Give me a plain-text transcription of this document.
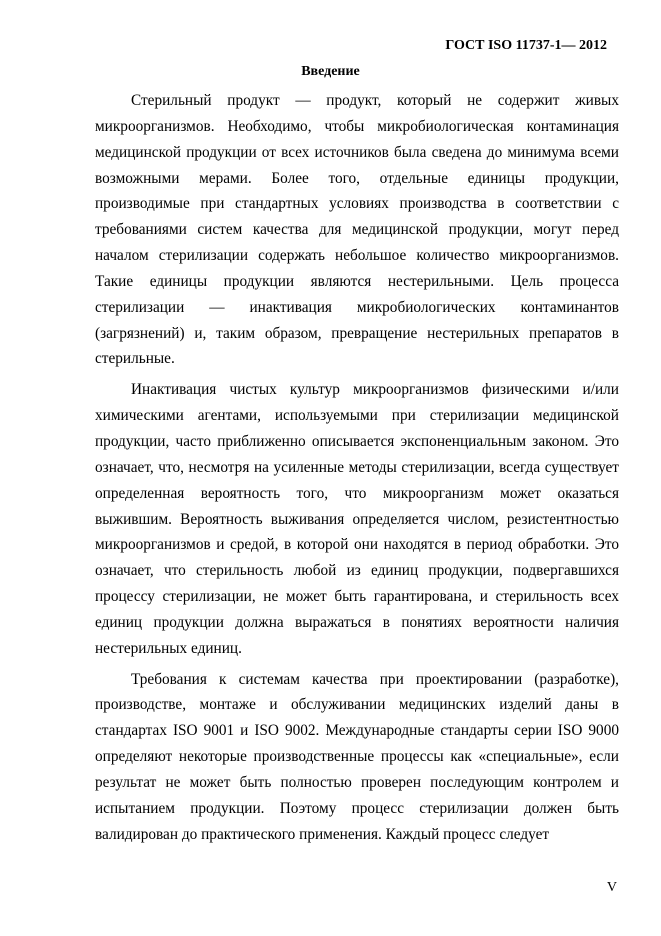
ГОСТ ISO 11737-1— 2012
Введение

Стерильный продукт — продукт, который не содержит живых микроорганизмов. Необходимо, чтобы микробиологическая контаминация медицинской продукции от всех источников была сведена до минимума всеми возможными мерами. Более того, отдельные единицы продукции, производимые при стандартных условиях производства в соответствии с требованиями систем качества для медицинской продукции, могут перед началом стерилизации содержать небольшое количество микроорганизмов. Такие единицы продукции являются нестерильными. Цель процесса стерилизации — инактивация микробиологических контаминантов (загрязнений) и, таким образом, превращение нестерильных препаратов в стерильные.

Инактивация чистых культур микроорганизмов физическими и/или химическими агентами, используемыми при стерилизации медицинской продукции, часто приближенно описывается экспоненциальным законом. Это означает, что, несмотря на усиленные методы стерилизации, всегда существует определенная вероятность того, что микроорганизм может оказаться выжившим. Вероятность выживания определяется числом, резистентностью микроорганизмов и средой, в которой они находятся в период обработки. Это означает, что стерильность любой из единиц продукции, подвергавшихся процессу стерилизации, не может быть гарантирована, и стерильность всех единиц продукции должна выражаться в понятиях вероятности наличия нестерильных единиц.

Требования к системам качества при проектировании (разработке), производстве, монтаже и обслуживании медицинских изделий даны в стандартах ISO 9001 и ISO 9002. Международные стандарты серии ISO 9000 определяют некоторые производственные процессы как «специальные», если результат не может быть полностью проверен последующим контролем и испытанием продукции. Поэтому процесс стерилизации должен быть валидирован до практического применения. Каждый процесс следует

V
